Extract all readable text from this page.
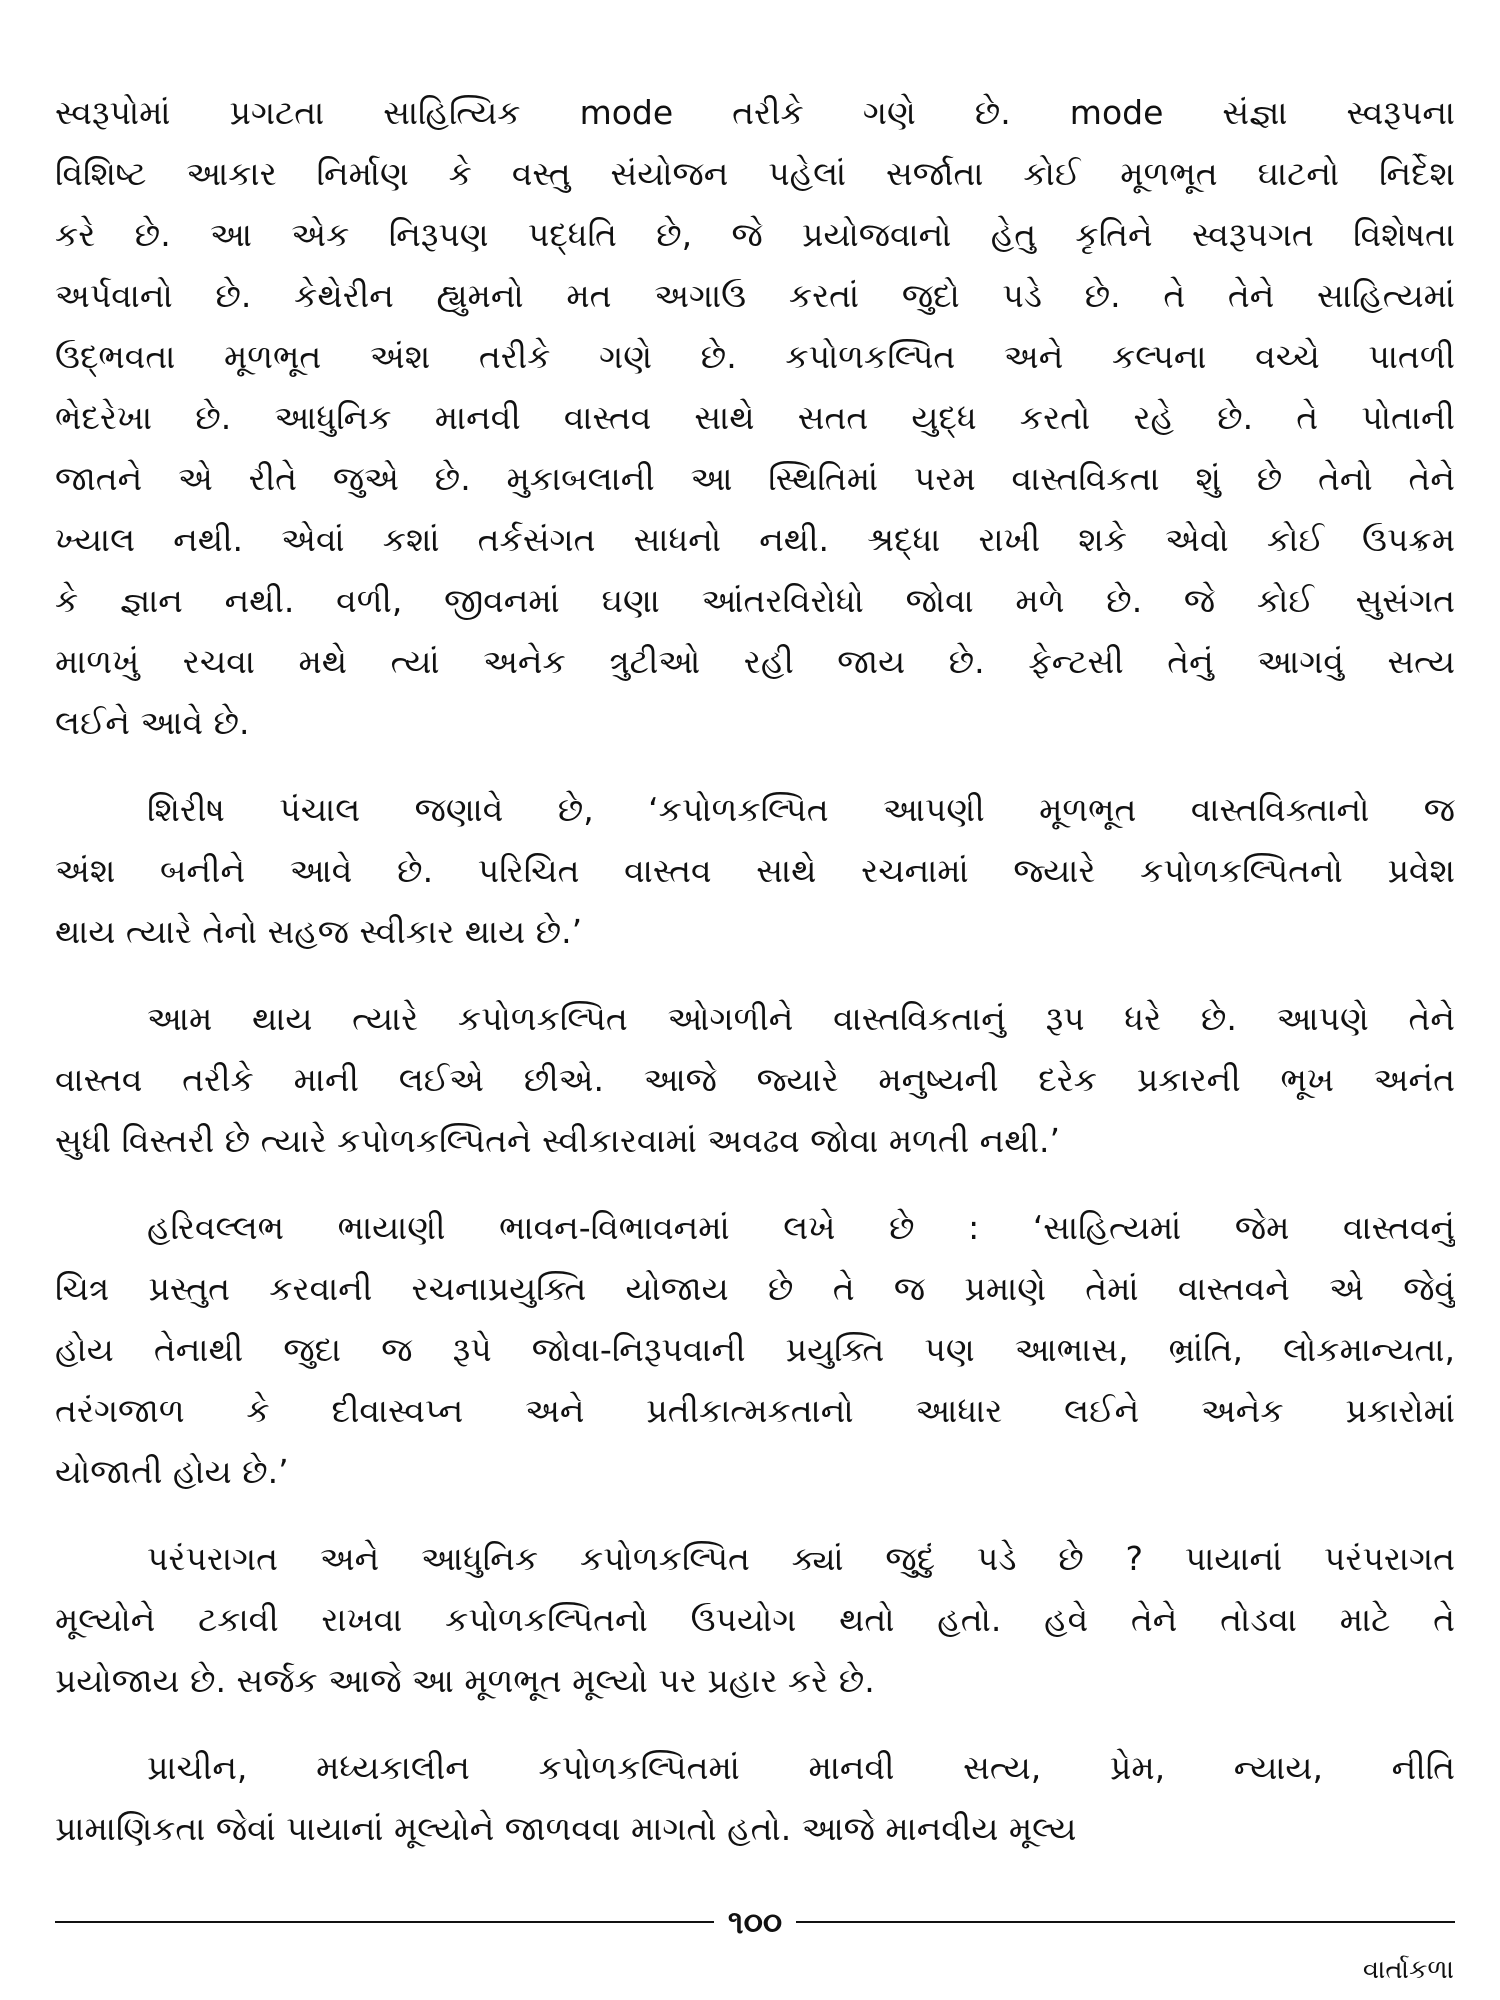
સ્વરૂપોમાં પ્રગટતા સાહિત્યિક mode તરીકે ગણે છે. mode સંજ્ઞા સ્વરૂપના
વિશિષ્ટ આકાર નિર્માણ કે વસ્તુ સંયોજન પહેલાં સર્જાતા કોઈ મૂળભૂત ઘાટનો નિર્દેશ
કરે છે. આ એક નિરૂપણ પદ્ધતિ છે, જે પ્રયોજવાનો હેતુ કૃતિને સ્વરૂપગત વિશેષતા
અર્પવાનો છે. કેથેરીન હ્યુમનો મત અગાઉ કરતાં જુદો પડે છે. તે તેને સાહિત્યમાં
ઉદ્ભવતા મૂળભૂત અંશ તરીકે ગણે છે. કપોળકલ્પિત અને કલ્પના વચ્ચે પાતળી
ભેદરેખા છે. આધુનિક માનવી વાસ્તવ સાથે સતત યુદ્ધ કરતો રહે છે. તે પોતાની
જાતને એ રીતે જુએ છે. મુકાબલાની આ સ્થિતિમાં પરમ વાસ્તવિકતા શું છે તેનો તેને
ખ્યાલ નથી. એવાં કશાં તર્કસંગત સાધનો નથી. શ્રદ્ધા રાખી શકે એવો કોઈ ઉપક્રમ
કે જ્ઞાન નથી. વળી, જીવનમાં ઘણા આંતરવિરોધો જોવા મળે છે. જે કોઈ સુસંગત
માળખું રચવા મથે ત્યાં અનેક ત્રુટીઓ રહી જાય છે. ફેન્ટસી તેનું આગવું સત્ય
લઈને આવે છે.
શિરીષ પંચાલ જણાવે છે, ‘કપોળકલ્પિત આપણી મૂળભૂત વાસ્તવિક્તાનો જ
અંશ બનીને આવે છે. પરિચિત વાસ્તવ સાથે રચનામાં જ્યારે કપોળકલ્પિતનો પ્રવેશ
થાય ત્યારે તેનો સહજ સ્વીકાર થાય છે.’
આમ થાય ત્યારે કપોળકલ્પિત ઓગળીને વાસ્તવિકતાનું રૂપ ધરે છે. આપણે તેને
વાસ્તવ તરીકે માની લઈએ છીએ. આજે જ્યારે મનુષ્યની દરેક પ્રકારની ભૂખ અનંત
સુધી વિસ્તરી છે ત્યારે કપોળકલ્પિતને સ્વીકારવામાં અવઢવ જોવા મળતી નથી.’
હરિવલ્લભ ભાયાણી ભાવન-વિભાવનમાં લખે છે : ‘સાહિત્યમાં જેમ વાસ્તવનું
ચિત્ર પ્રસ્તુત કરવાની રચનાપ્રયુક્તિ યોજાય છે તે જ પ્રમાણે તેમાં વાસ્તવને એ જેવું
હોય તેનાથી જુદા જ રૂપે જોવા-નિરૂપવાની પ્રયુક્તિ પણ આભાસ, ભ્રાંતિ, લોકમાન્યતા,
તરંગજાળ કે દીવાસ્વપ્ન અને પ્રતીકાત્મકતાનો આધાર લઈને અનેક પ્રકારોમાં
યોજાતી હોય છે.’
પરંપરાગત અને આધુનિક કપોળકલ્પિત ક્યાં જુદું પડે છે ? પાયાનાં પરંપરાગત
મૂલ્યોને ટકાવી રાખવા કપોળકલ્પિતનો ઉપયોગ થતો હતો. હવે તેને તોડવા માટે તે
પ્રયોજાય છે. સર્જક આજે આ મૂળભૂત મૂલ્યો પર પ્રહાર કરે છે.
પ્રાચીન, મધ્યકાલીન કપોળકલ્પિતમાં માનવી સત્ય, પ્રેમ, ન્યાય, નીતિ
પ્રામાણિકતા જેવાં પાયાનાં મૂલ્યોને જાળવવા માગતો હતો. આજે માનવીય મૂલ્ય
૧૦૦
વાર્તાકળા
